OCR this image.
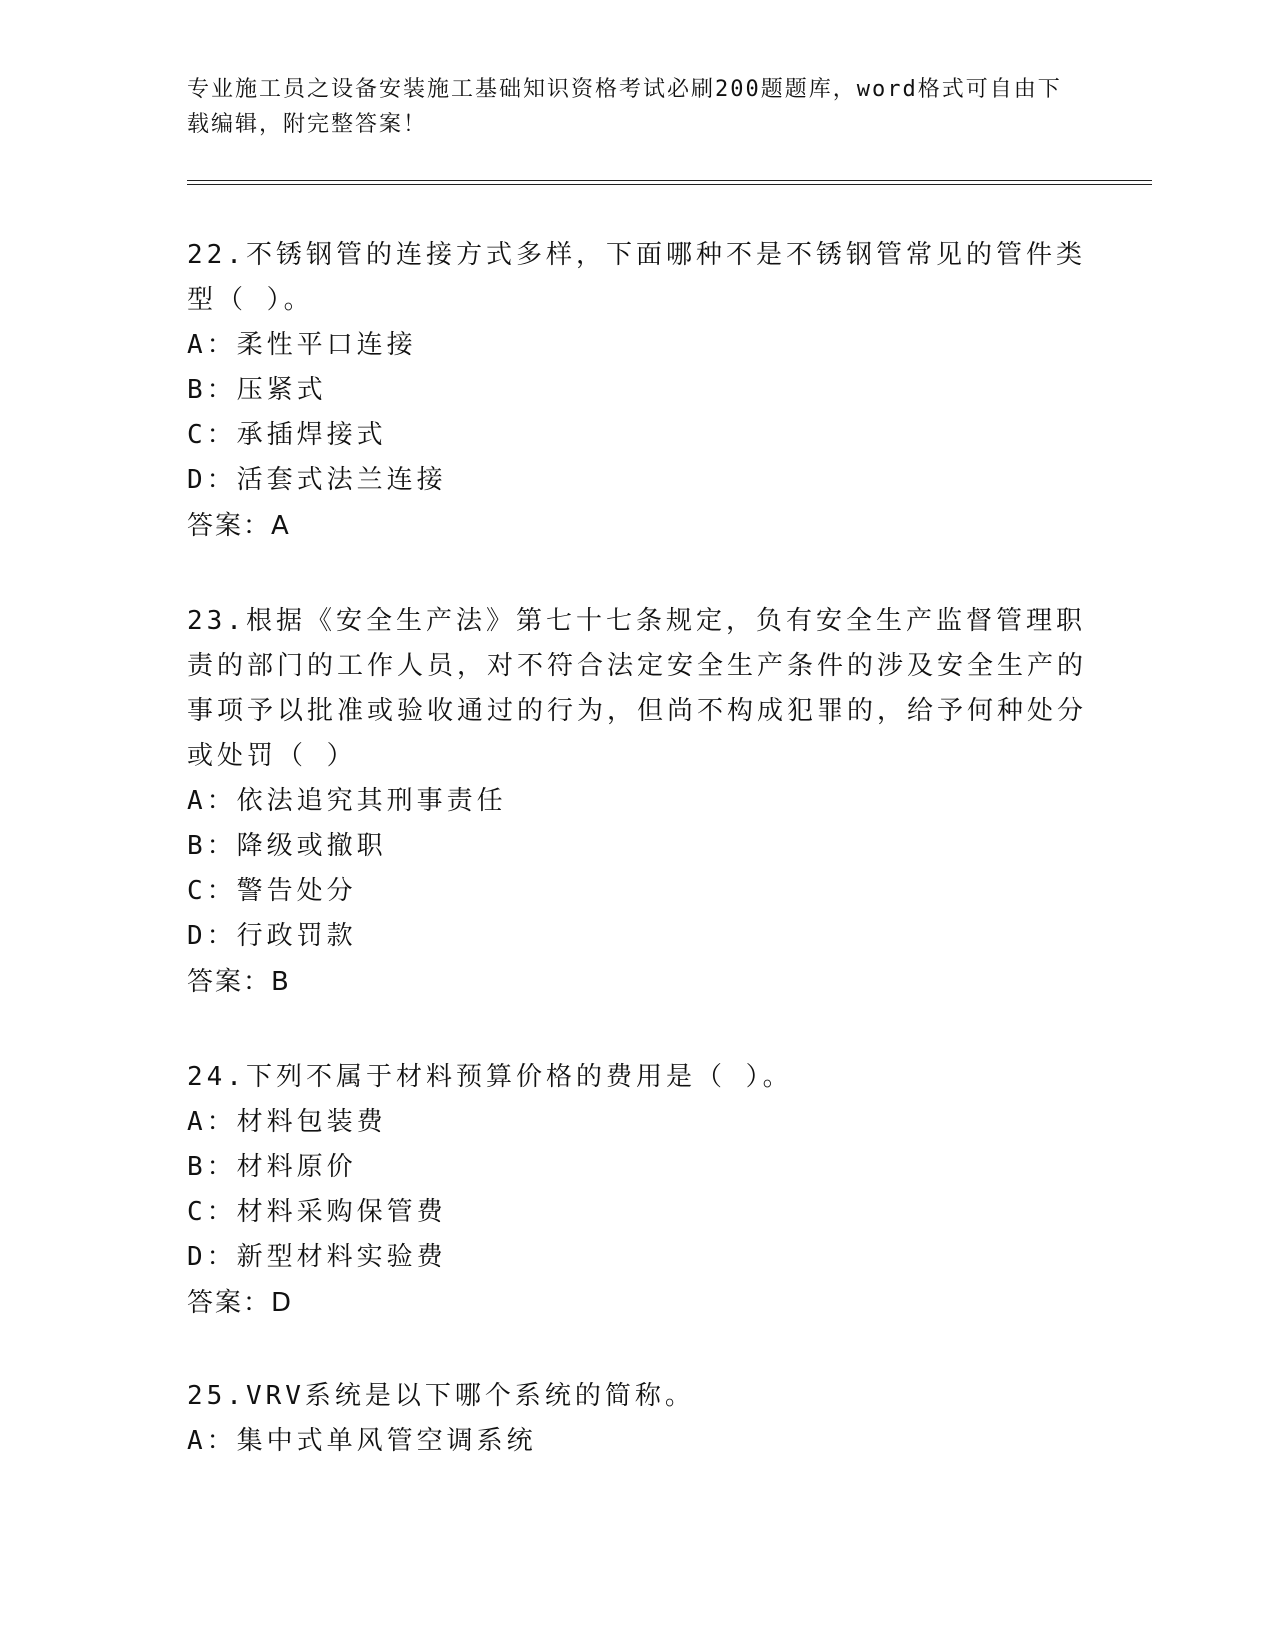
专业施工员之设备安装施工基础知识资格考试必刷200题题库，word格式可自由下载编辑，附完整答案！

22.不锈钢管的连接方式多样，下面哪种不是不锈钢管常见的管件类型（ ）。

A：柔性平口连接

B：压紧式

C：承插焊接式

D：活套式法兰连接

答案：A

23.根据《安全生产法》第七十七条规定，负有安全生产监督管理职责的部门的工作人员，对不符合法定安全生产条件的涉及安全生产的事项予以批准或验收通过的行为，但尚不构成犯罪的，给予何种处分或处罚（ ）

A：依法追究其刑事责任

B：降级或撤职

C：警告处分

D：行政罚款

答案：B

24.下列不属于材料预算价格的费用是（ ）。

A：材料包装费

B：材料原价

C：材料采购保管费

D：新型材料实验费

答案：D

25.VRV系统是以下哪个系统的简称。

A：集中式单风管空调系统
